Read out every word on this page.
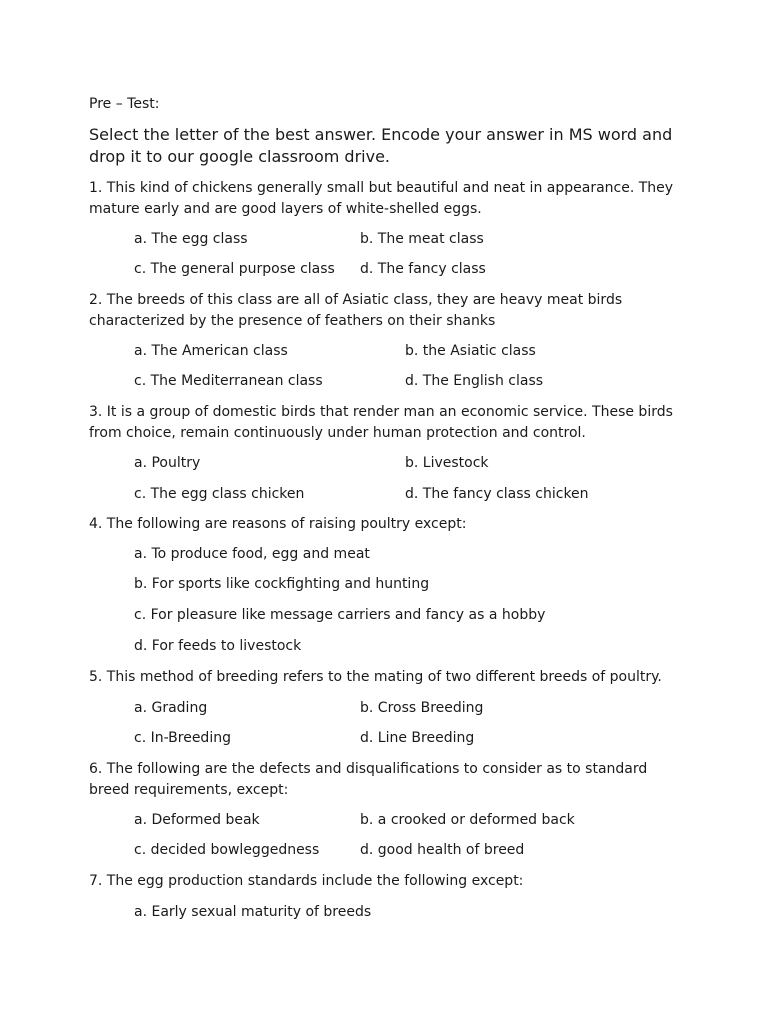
Pre – Test:
Select the letter of the best answer. Encode your answer in MS word and drop it to our google classroom drive.
1. This kind of chickens generally small but beautiful and neat in appearance. They mature early and are good layers of white-shelled eggs.
a. The egg class	b. The meat class
c. The general purpose class d. The fancy class
2. The breeds of this class are all of Asiatic class, they are heavy meat birds characterized by the presence of feathers on their shanks
a. The American class	b. the Asiatic class
c. The Mediterranean class	d. The English class
3. It is a group of domestic birds that render man an economic service. These birds from choice, remain continuously under human protection and control.
a. Poultry	b. Livestock
c. The egg class chicken	d. The fancy class chicken
4. The following are reasons of raising poultry except:
a. To produce food, egg and meat
b. For sports like cockfighting and hunting
c. For pleasure like message carriers and fancy as a hobby
d. For feeds to livestock
5. This method of breeding refers to the mating of two different breeds of poultry.
a. Grading	b. Cross Breeding
c. In-Breeding	d. Line Breeding
6. The following are the defects and disqualifications to consider as to standard breed requirements, except:
a. Deformed beak	b. a crooked or deformed back
c. decided bowleggedness	d. good health of breed
7. The egg production standards include the following except:
a. Early sexual maturity of breeds
